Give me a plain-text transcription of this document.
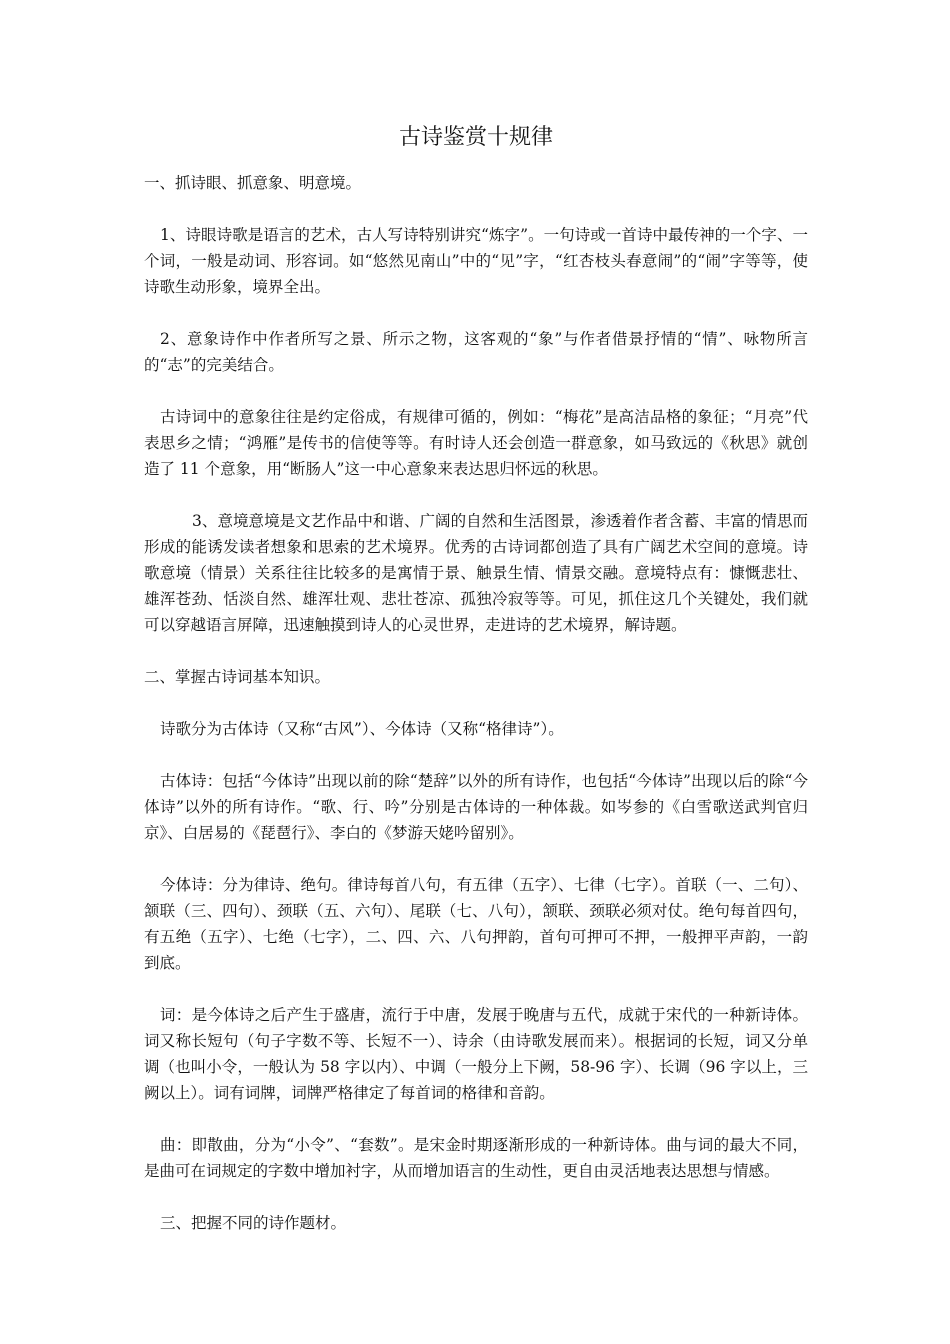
古诗鉴赏十规律

一、抓诗眼、抓意象、明意境。

1、诗眼诗歌是语言的艺术，古人写诗特别讲究“炼字”。一句诗或一首诗中最传神的一个字、一个词，一般是动词、形容词。如“悠然见南山”中的“见”字，“红杏枝头春意闹”的“闹”字等等，使诗歌生动形象，境界全出。

2、意象诗作中作者所写之景、所示之物，这客观的“象”与作者借景抒情的“情”、咏物所言的“志”的完美结合。

古诗词中的意象往往是约定俗成，有规律可循的，例如：“梅花”是高洁品格的象征；“月亮”代表思乡之情；“鸿雁”是传书的信使等等。有时诗人还会创造一群意象，如马致远的《秋思》就创造了 11 个意象，用“断肠人”这一中心意象来表达思归怀远的秋思。

3、意境意境是文艺作品中和谐、广阔的自然和生活图景，渗透着作者含蓄、丰富的情思而形成的能诱发读者想象和思索的艺术境界。优秀的古诗词都创造了具有广阔艺术空间的意境。诗歌意境（情景）关系往往比较多的是寓情于景、触景生情、情景交融。意境特点有：慷慨悲壮、雄浑苍劲、恬淡自然、雄浑壮观、悲壮苍凉、孤独冷寂等等。可见，抓住这几个关键处，我们就可以穿越语言屏障，迅速触摸到诗人的心灵世界，走进诗的艺术境界，解诗题。

二、掌握古诗词基本知识。

诗歌分为古体诗（又称“古风”）、今体诗（又称“格律诗”）。

古体诗：包括“今体诗”出现以前的除“楚辞”以外的所有诗作，也包括“今体诗”出现以后的除“今体诗”以外的所有诗作。“歌、行、吟”分别是古体诗的一种体裁。如岑参的《白雪歌送武判官归京》、白居易的《琵琶行》、李白的《梦游天姥吟留别》。

今体诗：分为律诗、绝句。律诗每首八句，有五律（五字）、七律（七字）。首联（一、二句）、颔联（三、四句）、颈联（五、六句）、尾联（七、八句），颔联、颈联必须对仗。绝句每首四句，有五绝（五字）、七绝（七字），二、四、六、八句押韵，首句可押可不押，一般押平声韵，一韵到底。

词：是今体诗之后产生于盛唐，流行于中唐，发展于晚唐与五代，成就于宋代的一种新诗体。词又称长短句（句子字数不等、长短不一）、诗余（由诗歌发展而来）。根据词的长短，词又分单调（也叫小令，一般认为 58 字以内）、中调（一般分上下阙，58-96 字）、长调（96 字以上，三阙以上）。词有词牌，词牌严格律定了每首词的格律和音韵。

曲：即散曲，分为“小令”、“套数”。是宋金时期逐渐形成的一种新诗体。曲与词的最大不同，是曲可在词规定的字数中增加衬字，从而增加语言的生动性，更自由灵活地表达思想与情感。

三、把握不同的诗作题材。
